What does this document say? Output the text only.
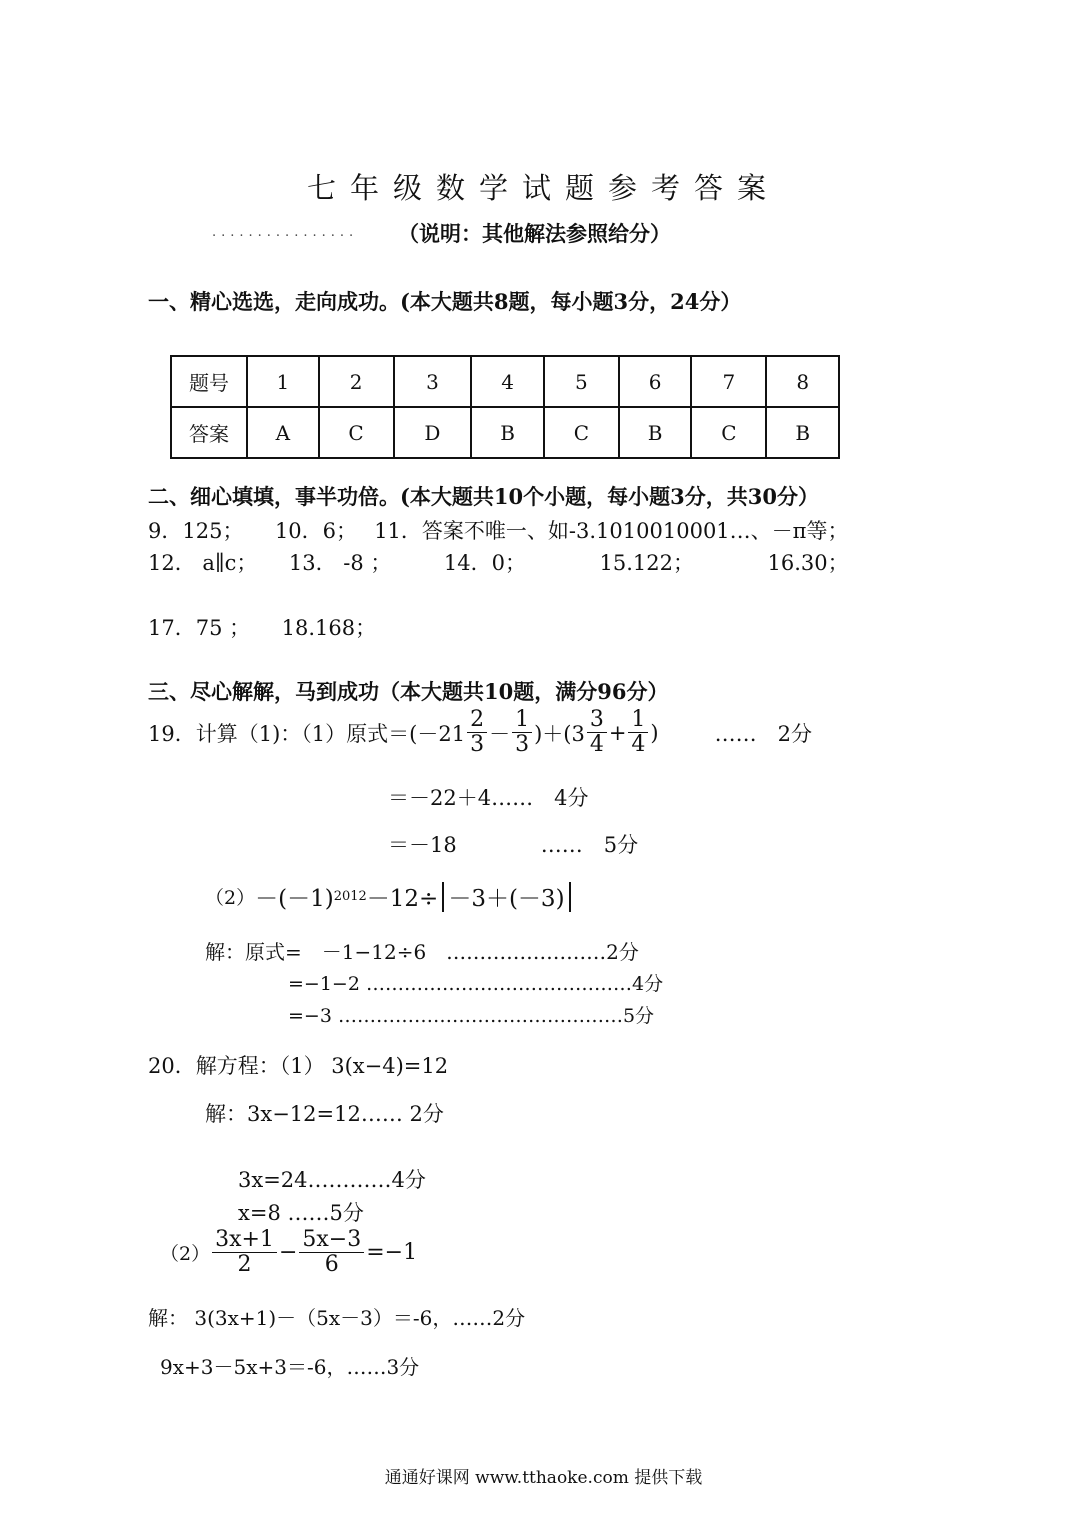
七年级数学试题参考答案
................ （说明：其他解法参照给分）
一、精心选选，走向成功。(本大题共8题，每小题3分，24分）
题号	1	2	3	4	5	6	7	8
答案	A	C	D	B	C	B	C	B
二、细心填填，事半功倍。(本大题共10个小题，每小题3分，共30分）
9．125；　　10．6；　 11．答案不唯一、如-3.1010010001…、－π等；
12． a∥c；　　13． -8 ；　　　14．0；　　　　15.122；　　　　16.30；
17．75 ；　　18.168；
三、尽心解解，马到成功（本大题共10题，满分96分）
19．计算（1)：（1）原式$=(-21 \frac{2}{3} - \frac{1}{3} )+(3 \frac{3}{4} + \frac{1}{4}$ )	……　2分
＝－22＋4……　4分
＝－18　　　　……　5分
（2） －(－1) 2012 －12÷ －3＋(－3)
解：原式=　－1−12÷6　……………………2分
=−1−2 ……………………………………4分
=−3 ………………………………………5分
20．解方程：（1） 3(x−4)=12
解：3x−12=12…… 2分
3x=24…………4分
x=8 ……5分
$(2) \frac{3x+1}{2} - \frac{5x-3}{6} =-1$
解： 3(3x+1)－（5x－3）＝-6，……2分
9x+3－5x+3＝-6，……3分
通通好课网 www.tthaoke.com 提供下载
